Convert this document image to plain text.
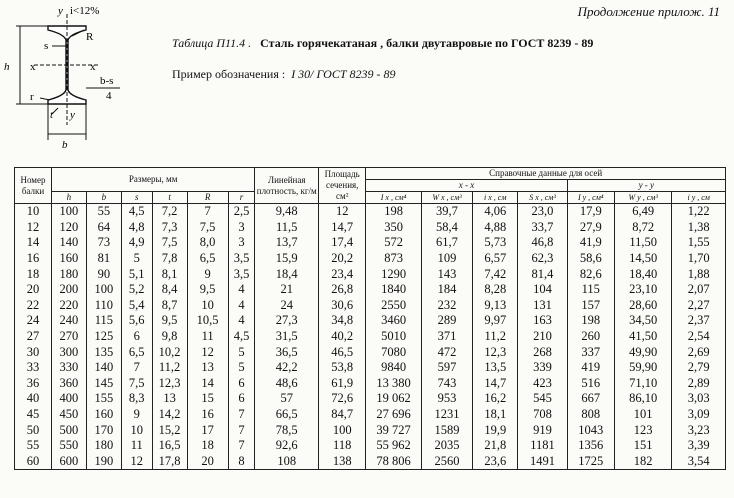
Продолжение прилож. 11
y i<12%
h x	x
R
s
r
t y
b
b-s
4
Таблица П11.4 . Сталь горячекатаная , балки двутавровые по ГОСТ 8239 - 89
Пример обозначения : I 30/ ГОСТ 8239 - 89
Номер балки	Размеры, мм						Линейная плотность, кг/м	Площадь сечения, см²	Справочные данные для осей						
									x - x				y - y		
	h	b	s	t	R	r			I x , см⁴	W x , см³	i x , см	S x , см³	I y , см⁴	W y , см³	i y , см
10	100	55	4,5	7,2	7	2,5	9,48	12	198	39,7	4,06	23,0	17,9	6,49	1,22
12	120	64	4,8	7,3	7,5	3	11,5	14,7	350	58,4	4,88	33,7	27,9	8,72	1,38
14	140	73	4,9	7,5	8,0	3	13,7	17,4	572	61,7	5,73	46,8	41,9	11,50	1,55
16	160	81	5	7,8	6,5	3,5	15,9	20,2	873	109	6,57	62,3	58,6	14,50	1,70
18	180	90	5,1	8,1	9	3,5	18,4	23,4	1290	143	7,42	81,4	82,6	18,40	1,88
20	200	100	5,2	8,4	9,5	4	21	26,8	1840	184	8,28	104	115	23,10	2,07
22	220	110	5,4	8,7	10	4	24	30,6	2550	232	9,13	131	157	28,60	2,27
24	240	115	5,6	9,5	10,5	4	27,3	34,8	3460	289	9,97	163	198	34,50	2,37
27	270	125	6	9,8	11	4,5	31,5	40,2	5010	371	11,2	210	260	41,50	2,54
30	300	135	6,5	10,2	12	5	36,5	46,5	7080	472	12,3	268	337	49,90	2,69
33	330	140	7	11,2	13	5	42,2	53,8	9840	597	13,5	339	419	59,90	2,79
36	360	145	7,5	12,3	14	6	48,6	61,9	13 380	743	14,7	423	516	71,10	2,89
40	400	155	8,3	13	15	6	57	72,6	19 062	953	16,2	545	667	86,10	3,03
45	450	160	9	14,2	16	7	66,5	84,7	27 696	1231	18,1	708	808	101	3,09
50	500	170	10	15,2	17	7	78,5	100	39 727	1589	19,9	919	1043	123	3,23
55	550	180	11	16,5	18	7	92,6	118	55 962	2035	21,8	1181	1356	151	3,39
60	600	190	12	17,8	20	8	108	138	78 806	2560	23,6	1491	1725	182	3,54
